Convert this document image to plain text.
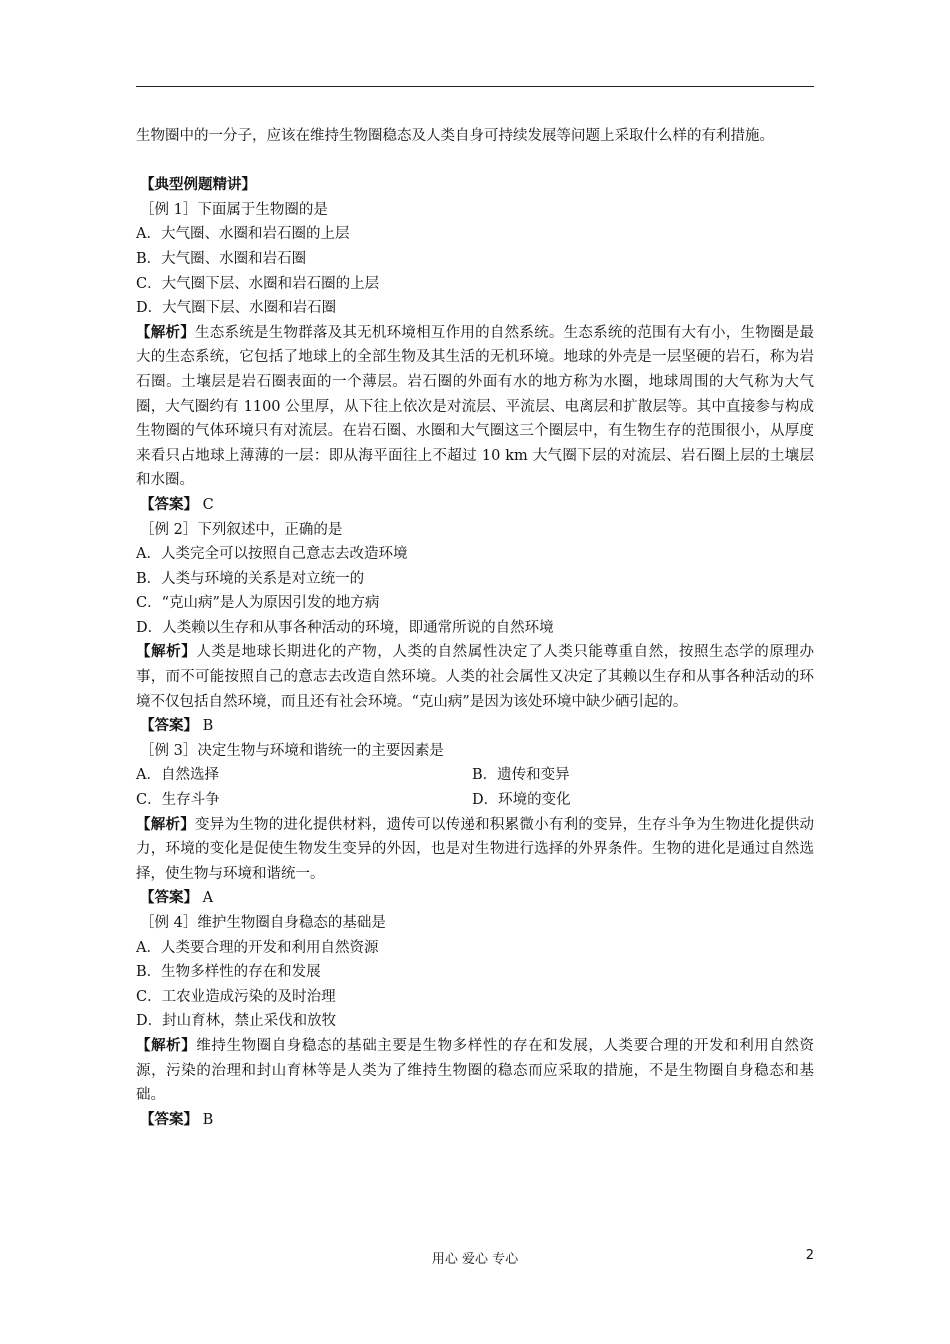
生物圈中的一分子，应该在维持生物圈稳态及人类自身可持续发展等问题上采取什么样的有利措施。

【典型例题精讲】

［例 1］下面属于生物圈的是

A．大气圈、水圈和岩石圈的上层

B．大气圈、水圈和岩石圈

C．大气圈下层、水圈和岩石圈的上层

D．大气圈下层、水圈和岩石圈

【解析】生态系统是生物群落及其无机环境相互作用的自然系统。生态系统的范围有大有小，生物圈是最大的生态系统，它包括了地球上的全部生物及其生活的无机环境。地球的外壳是一层坚硬的岩石，称为岩石圈。土壤层是岩石圈表面的一个薄层。岩石圈的外面有水的地方称为水圈，地球周围的大气称为大气圈，大气圈约有 1100 公里厚，从下往上依次是对流层、平流层、电离层和扩散层等。其中直接参与构成生物圈的气体环境只有对流层。在岩石圈、水圈和大气圈这三个圈层中，有生物生存的范围很小，从厚度来看只占地球上薄薄的一层：即从海平面往上不超过 10 km 大气圈下层的对流层、岩石圈上层的土壤层和水圈。

【答案】 C

［例 2］下列叙述中，正确的是

A．人类完全可以按照自己意志去改造环境

B．人类与环境的关系是对立统一的

C．“克山病”是人为原因引发的地方病

D．人类赖以生存和从事各种活动的环境，即通常所说的自然环境

【解析】人类是地球长期进化的产物，人类的自然属性决定了人类只能尊重自然，按照生态学的原理办事，而不可能按照自己的意志去改造自然环境。人类的社会属性又决定了其赖以生存和从事各种活动的环境不仅包括自然环境，而且还有社会环境。“克山病”是因为该处环境中缺少硒引起的。

【答案】 B

［例 3］决定生物与环境和谐统一的主要因素是

A．自然选择	B．遗传和变异
C．生存斗争	D．环境的变化

【解析】变异为生物的进化提供材料，遗传可以传递和积累微小有利的变异，生存斗争为生物进化提供动力，环境的变化是促使生物发生变异的外因，也是对生物进行选择的外界条件。生物的进化是通过自然选择，使生物与环境和谐统一。

【答案】 A

［例 4］维护生物圈自身稳态的基础是

A．人类要合理的开发和利用自然资源

B．生物多样性的存在和发展

C．工农业造成污染的及时治理

D．封山育林，禁止采伐和放牧

【解析】维持生物圈自身稳态的基础主要是生物多样性的存在和发展，人类要合理的开发和利用自然资源，污染的治理和封山育林等是人类为了维持生物圈的稳态而应采取的措施，不是生物圈自身稳态和基础。

【答案】 B

用心 爱心 专心	2
